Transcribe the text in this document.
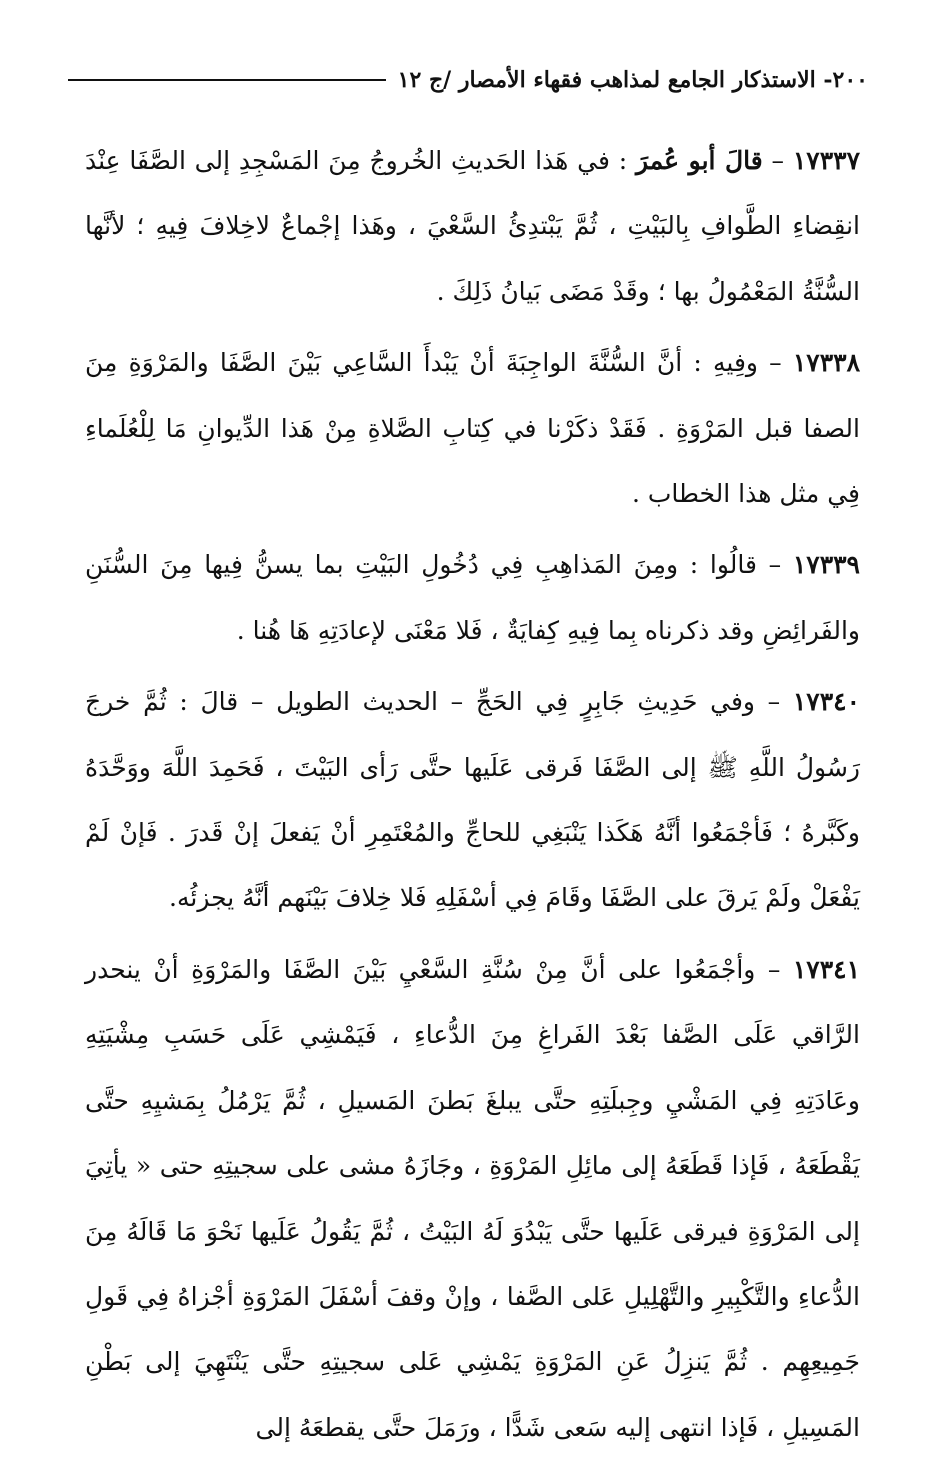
٢٠٠- الاستذكار الجامع لمذاهب فقهاء الأمصار /ج ١٢

١٧٣٣٧ – قالَ أبو عُمرَ : في هَذا الحَديثِ الخُروجُ مِنَ المَسْجِدِ إلى الصَّفَا عِنْدَ انقِضاءِ الطَّوافِ بِالبَيْتِ ، ثُمَّ يَبْتدِئُ السَّعْيَ ، وهَذا إجْماعٌ لاخِلافَ فِيهِ ؛ لأنَّها السُّنَّةُ المَعْمُولُ بها ؛ وقَدْ مَضَى بَيانُ ذَلِكَ .

١٧٣٣٨ – وفِيهِ : أنَّ السُّنَّةَ الواجِبَةَ أنْ يَبْدأَ السَّاعِي بَيْنَ الصَّفَا والمَرْوَةِ مِنَ الصفا قبل المَرْوَةِ . فَقَدْ ذكَرْنا في كِتابِ الصَّلاةِ مِنْ هَذا الدِّيوانِ مَا لِلْعُلَماءِ فِي مثل هذا الخطاب .

١٧٣٣٩ – قالُوا : ومِنَ المَذاهِبِ فِي دُخُولِ البَيْتِ بما يسنُّ فِيها مِنَ السُّنَنِ والفَرائِضِ وقد ذكرناه بِما فِيهِ كِفايَةٌ ، فَلا مَعْنَى لإعادَتِهِ هَا هُنا .

١٧٣٤٠ – وفي حَدِيثِ جَابِرٍ فِي الحَجِّ – الحديث الطويل – قالَ : ثُمَّ خرجَ رَسُولُ اللَّهِ ﷺ إلى الصَّفَا فَرقى عَلَيها حتَّى رَأى البَيْتَ ، فَحَمِدَ اللَّهَ ووَحَّدَهُ وكَبَّرهُ ؛ فَأجْمَعُوا أنَّهُ هَكَذا يَنْبَغِي للحاجِّ والمُعْتَمِرِ أنْ يَفعلَ إنْ قَدرَ . فَإنْ لَمْ يَفْعَلْ ولَمْ يَرقَ على الصَّفَا وقَامَ فِي أسْفَلِهِ فَلا خِلافَ بَيْنَهم أنَّهُ يجزئُه.

١٧٣٤١ – وأجْمَعُوا على أنَّ مِنْ سُنَّةِ السَّعْيِ بَيْنَ الصَّفَا والمَرْوَةِ أنْ ينحدر الرَّاقي عَلَى الصَّفا بَعْدَ الفَراغِ مِنَ الدُّعاءِ ، فَيَمْشِي عَلَى حَسَبِ مِشْيَتِهِ وعَادَتِهِ فِي المَشْيِ وجِبلَتِهِ حتَّى يبلغَ بَطنَ المَسيلِ ، ثُمَّ يَرْمُلُ بِمَشيِهِ حتَّى يَقْطَعَهُ ، فَإذا قَطَعَهُ إلى مائِلِ المَرْوَةِ ، وجَازَهُ مشى على سجيتِهِ حتى « يأتِيَ إلى المَرْوَةِ فيرقى عَلَيها حتَّى يَبْدُوَ لَهُ البَيْتُ ، ثُمَّ يَقُولُ عَلَيها نَحْوَ مَا قَالَهُ مِنَ الدُّعاءِ والتَّكْبِيرِ والتَّهْلِيلِ عَلى الصَّفا ، وإنْ وقفَ أسْفَلَ المَرْوَةِ أجْزاهُ فِي قَولِ جَمِيعِهِم . ثُمَّ يَنزِلُ عَنِ المَرْوَةِ يَمْشِي عَلى سجيتِهِ حتَّى يَنْتَهِيَ إلى بَطْنِ المَسِيلِ ، فَإذا انتهى إليه سَعى شَدًّا ، ورَمَلَ حتَّى يقطعَهُ إلى
